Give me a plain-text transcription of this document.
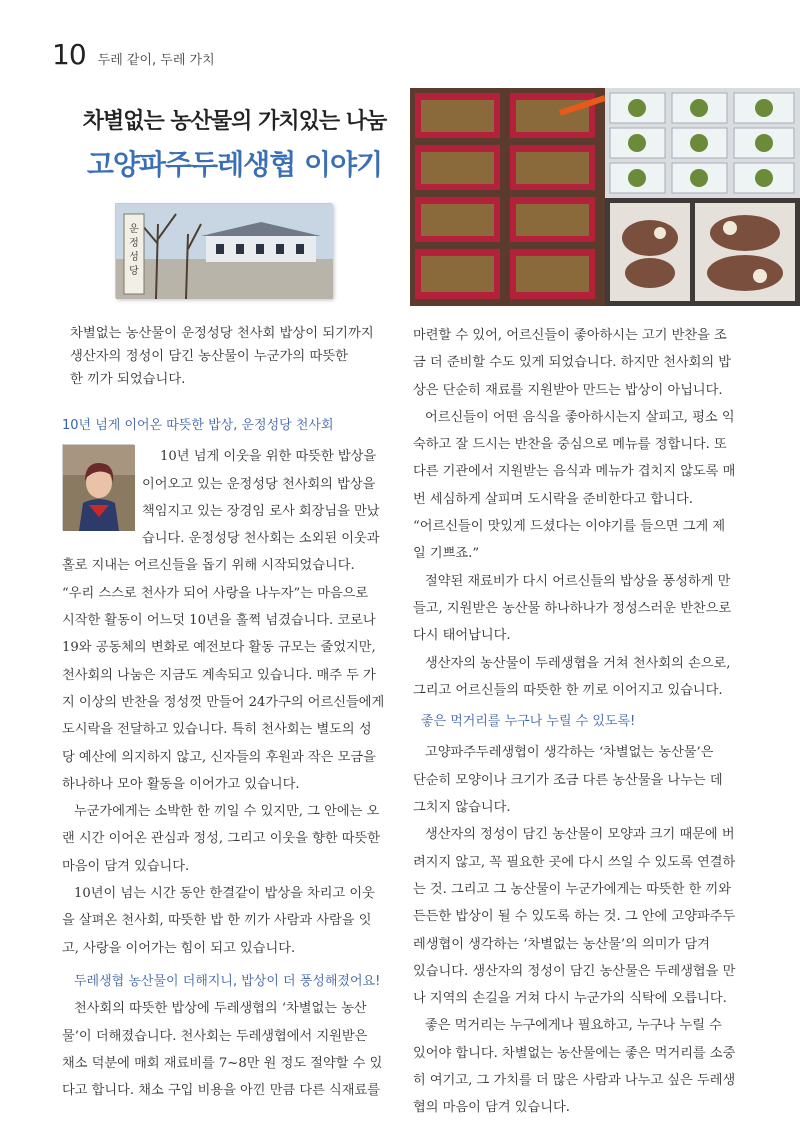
10 두레 같이, 두레 가치
차별없는 농산물의 가치있는 나눔
고양파주두레생협 이야기
운
정
성
당

차별없는 농산물이 운정성당 천사회 밥상이 되기까지

생산자의 정성이 담긴 농산물이 누군가의 따뜻한

한 끼가 되었습니다.

10년 넘게 이어온 따뜻한 밥상, 운정성당 천사회
10년 넘게 이웃을 위한 따뜻한 밥상을
이어오고 있는 운정성당 천사회의 밥상을
책임지고 있는 장경임 로사 회장님을 만났
습니다. 운정성당 천사회는 소외된 이웃과
홀로 지내는 어르신들을 돕기 위해 시작되었습니다.
“우리 스스로 천사가 되어 사랑을 나누자”는 마음으로
시작한 활동이 어느덧 10년을 훌쩍 넘겼습니다. 코로나
19와 공동체의 변화로 예전보다 활동 규모는 줄었지만,
천사회의 나눔은 지금도 계속되고 있습니다. 매주 두 가
지 이상의 반찬을 정성껏 만들어 24가구의 어르신들에게
도시락을 전달하고 있습니다. 특히 천사회는 별도의 성
당 예산에 의지하지 않고, 신자들의 후원과 작은 모금을
하나하나 모아 활동을 이어가고 있습니다.
누군가에게는 소박한 한 끼일 수 있지만, 그 안에는 오
랜 시간 이어온 관심과 정성, 그리고 이웃을 향한 따뜻한
마음이 담겨 있습니다.
10년이 넘는 시간 동안 한결같이 밥상을 차리고 이웃
을 살펴온 천사회, 따뜻한 밥 한 끼가 사람과 사람을 잇
고, 사랑을 이어가는 힘이 되고 있습니다.
두레생협 농산물이 더해지니, 밥상이 더 풍성해졌어요!
천사회의 따뜻한 밥상에 두레생협의 ‘차별없는 농산
물’이 더해졌습니다. 천사회는 두레생협에서 지원받은
채소 덕분에 매회 재료비를 7~8만 원 정도 절약할 수 있
다고 합니다. 채소 구입 비용을 아낀 만큼 다른 식재료를
마련할 수 있어, 어르신들이 좋아하시는 고기 반찬을 조
금 더 준비할 수도 있게 되었습니다. 하지만 천사회의 밥
상은 단순히 재료를 지원받아 만드는 밥상이 아닙니다.
어르신들이 어떤 음식을 좋아하시는지 살피고, 평소 익
숙하고 잘 드시는 반찬을 중심으로 메뉴를 정합니다. 또
다른 기관에서 지원받는 음식과 메뉴가 겹치지 않도록 매
번 세심하게 살피며 도시락을 준비한다고 합니다.
“어르신들이 맛있게 드셨다는 이야기를 들으면 그게 제
일 기쁘죠.”
절약된 재료비가 다시 어르신들의 밥상을 풍성하게 만
들고, 지원받은 농산물 하나하나가 정성스러운 반찬으로
다시 태어납니다.
생산자의 농산물이 두레생협을 거쳐 천사회의 손으로,
그리고 어르신들의 따뜻한 한 끼로 이어지고 있습니다.
좋은 먹거리를 누구나 누릴 수 있도록!
고양파주두레생협이 생각하는 ‘차별없는 농산물’은
단순히 모양이나 크기가 조금 다른 농산물을 나누는 데
그치지 않습니다.
생산자의 정성이 담긴 농산물이 모양과 크기 때문에 버
려지지 않고, 꼭 필요한 곳에 다시 쓰일 수 있도록 연결하
는 것. 그리고 그 농산물이 누군가에게는 따뜻한 한 끼와
든든한 밥상이 될 수 있도록 하는 것. 그 안에 고양파주두
레생협이 생각하는 ‘차별없는 농산물’의 의미가 담겨
있습니다. 생산자의 정성이 담긴 농산물은 두레생협을 만
나 지역의 손길을 거쳐 다시 누군가의 식탁에 오릅니다.
좋은 먹거리는 누구에게나 필요하고, 누구나 누릴 수
있어야 합니다. 차별없는 농산물에는 좋은 먹거리를 소중
히 여기고, 그 가치를 더 많은 사람과 나누고 싶은 두레생
협의 마음이 담겨 있습니다.
